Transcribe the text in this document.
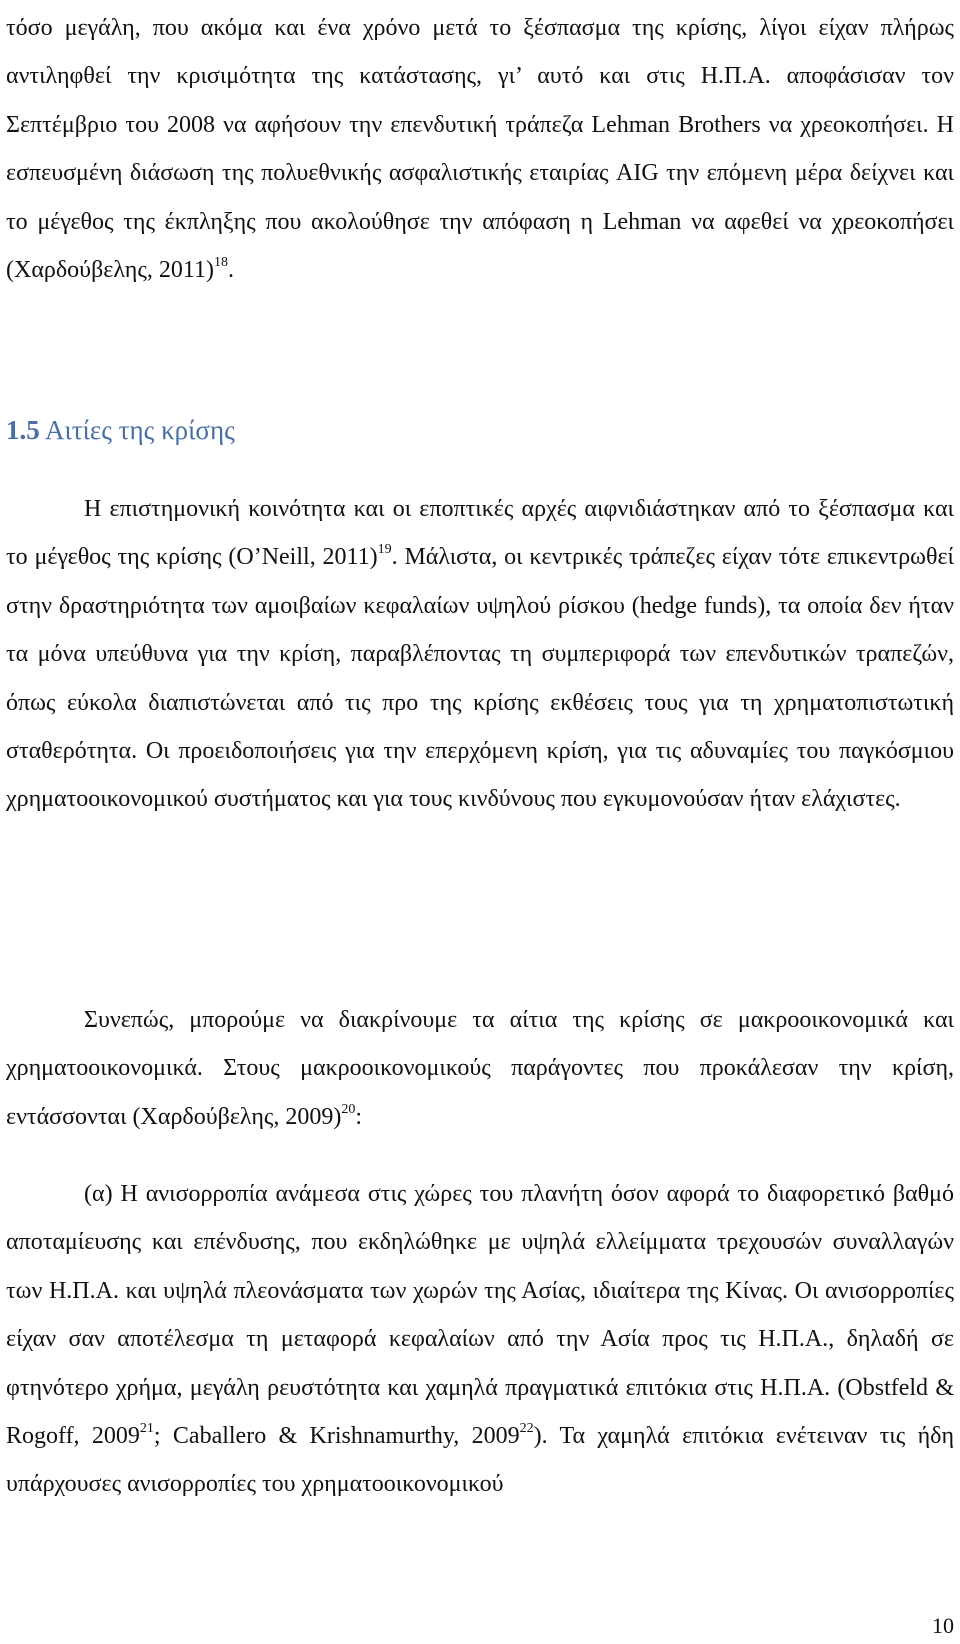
τόσο μεγάλη, που ακόμα και ένα χρόνο μετά το ξέσπασμα της κρίσης, λίγοι είχαν πλήρως αντιληφθεί την κρισιμότητα της κατάστασης, γι’ αυτό και στις Η.Π.Α. αποφάσισαν τον Σεπτέμβριο του 2008 να αφήσουν την επενδυτική τράπεζα Lehman Brothers να χρεοκοπήσει. Η εσπευσμένη διάσωση της πολυεθνικής ασφαλιστικής εταιρίας AIG την επόμενη μέρα δείχνει και το μέγεθος της έκπληξης που ακολούθησε την απόφαση η Lehman να αφεθεί να χρεοκοπήσει (Χαρδούβελης, 2011)$^{18}$.

1.5 Αιτίες της κρίσης

Η επιστημονική κοινότητα και οι εποπτικές αρχές αιφνιδιάστηκαν από το ξέσπασμα και το μέγεθος της κρίσης (O’Neill, 2011)$^{19}$. Μάλιστα, οι κεντρικές τράπεζες είχαν τότε επικεντρωθεί στην δραστηριότητα των αμοιβαίων κεφαλαίων υψηλού ρίσκου (hedge funds), τα οποία δεν ήταν τα μόνα υπεύθυνα για την κρίση, παραβλέποντας τη συμπεριφορά των επενδυτικών τραπεζών, όπως εύκολα διαπιστώνεται από τις προ της κρίσης εκθέσεις τους για τη χρηματοπιστωτική σταθερότητα. Οι προειδοποιήσεις για την επερχόμενη κρίση, για τις αδυναμίες του παγκόσμιου χρηματοοικονομικού συστήματος και για τους κινδύνους που εγκυμονούσαν ήταν ελάχιστες.

Συνεπώς, μπορούμε να διακρίνουμε τα αίτια της κρίσης σε μακροοικονομικά και χρηματοοικονομικά. Στους μακροοικονομικούς παράγοντες που προκάλεσαν την κρίση, εντάσσονται (Χαρδούβελης, 2009)$^{20}$:

(α) Η ανισορροπία ανάμεσα στις χώρες του πλανήτη όσον αφορά το διαφορετικό βαθμό αποταμίευσης και επένδυσης, που εκδηλώθηκε με υψηλά ελλείμματα τρεχουσών συναλλαγών των Η.Π.Α. και υψηλά πλεονάσματα των χωρών της Ασίας, ιδιαίτερα της Κίνας. Οι ανισορροπίες είχαν σαν αποτέλεσμα τη μεταφορά κεφαλαίων από την Ασία προς τις Η.Π.Α., δηλαδή σε φτηνότερο χρήμα, μεγάλη ρευστότητα και χαμηλά πραγματικά επιτόκια στις Η.Π.Α. (Obstfeld & Rogoff, 2009$^{21}$; Caballero & Krishnamurthy, 2009$^{22}$). Τα χαμηλά επιτόκια ενέτειναν τις ήδη υπάρχουσες ανισορροπίες του χρηματοοικονομικού

10
